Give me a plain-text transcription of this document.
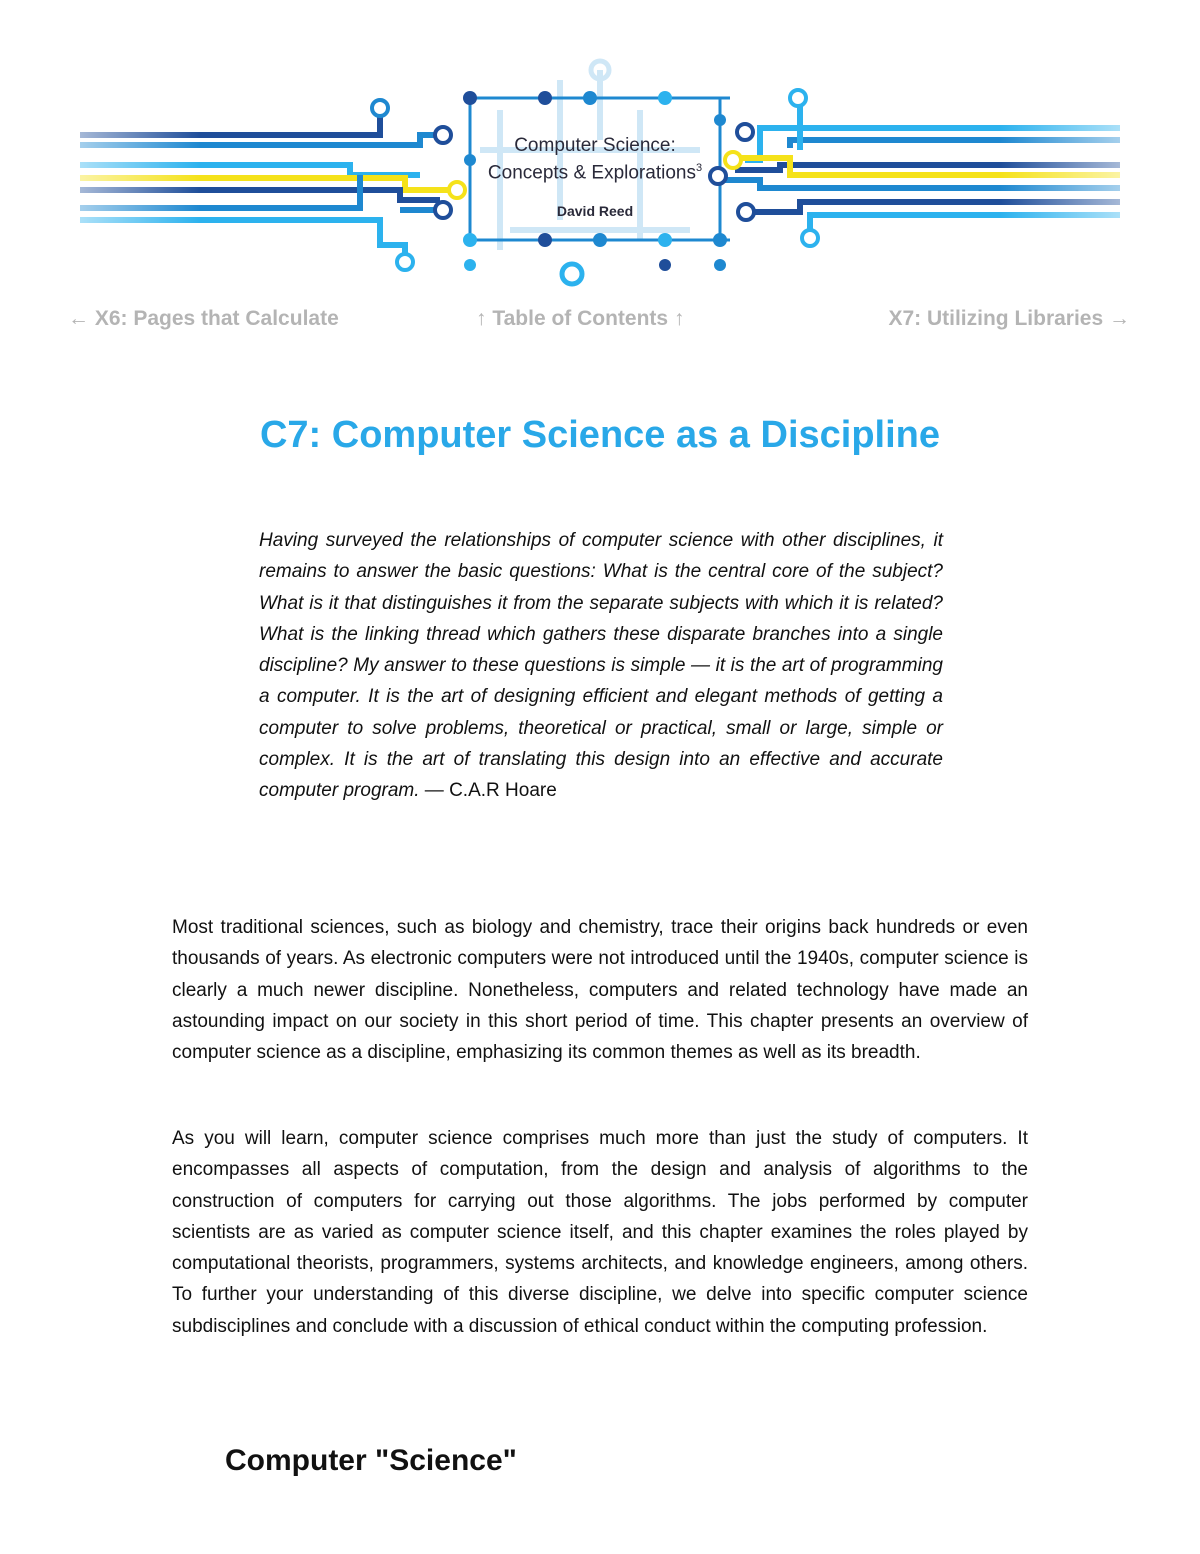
Computer Science:
Concepts & Explorations$^3$
David Reed
← X6: Pages that Calculate	↑ Table of Contents ↑	X7: Utilizing Libraries →
C7: Computer Science as a Discipline

Having surveyed the relationships of computer science with other disciplines, it remains to answer the basic questions: What is the central core of the subject? What is it that distinguishes it from the separate subjects with which it is related? What is the linking thread which gathers these disparate branches into a single discipline? My answer to these questions is simple — it is the art of programming a computer. It is the art of designing efficient and elegant methods of getting a computer to solve problems, theoretical or practical, small or large, simple or complex. It is the art of translating this design into an effective and accurate computer program. — C.A.R Hoare

Most traditional sciences, such as biology and chemistry, trace their origins back hundreds or even thousands of years. As electronic computers were not introduced until the 1940s, computer science is clearly a much newer discipline. Nonetheless, computers and related technology have made an astounding impact on our society in this short period of time. This chapter presents an overview of computer science as a discipline, emphasizing its common themes as well as its breadth.

As you will learn, computer science comprises much more than just the study of computers. It encompasses all aspects of computation, from the design and analysis of algorithms to the construction of computers for carrying out those algorithms. The jobs performed by computer scientists are as varied as computer science itself, and this chapter examines the roles played by computational theorists, programmers, systems architects, and knowledge engineers, among others. To further your understanding of this diverse discipline, we delve into specific computer science subdisciplines and conclude with a discussion of ethical conduct within the computing profession.

Computer "Science"
